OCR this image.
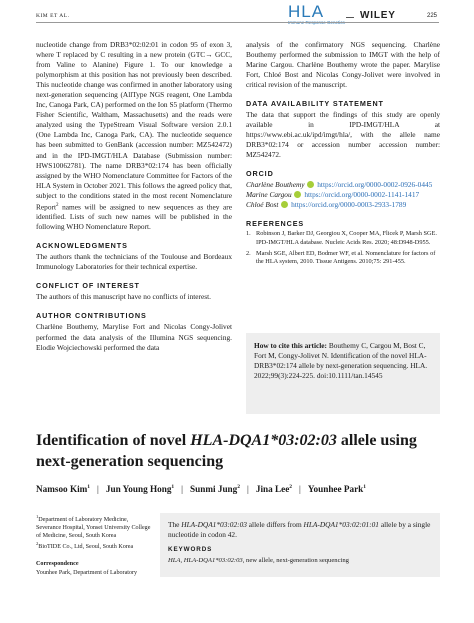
KIM ET AL.	HLA	WILEY	225

nucleotide change from DRB3*02:02:01 in codon 95 of exon 3, where T replaced by C resulting in a new protein (GTC→ GCC, from Valine to Alanine) Figure 1. To our knowledge a polymorphism at this position has not previously been described. This nucleotide change was confirmed in another laboratory using next-generation sequencing (AllType NGS reagent, One Lambda Inc, Canoga Park, CA) performed on the Ion S5 platform (Thermo Fisher Scientific, Waltham, Massachusetts) and the reads were analyzed using the TypeStream Visual Software version 2.0.1 (One Lambda Inc, Canoga Park, CA). The nucleotide sequence has been submitted to GenBank (accession number: MZ542472) and in the IPD-IMGT/HLA Database (Submission number: HWS10062781). The name DRB3*02:174 has been officially assigned by the WHO Nomenclature Committee for Factors of the HLA System in October 2021. This follows the agreed policy that, subject to the conditions stated in the most recent Nomenclature Report$^2$ names will be assigned to new sequences as they are identified. Lists of such new names will be published in the following WHO Nomenclature Report.

ACKNOWLEDGMENTS

The authors thank the technicians of the Toulouse and Bordeaux Immunology Laboratories for their technical expertise.

CONFLICT OF INTEREST

The authors of this manuscript have no conflicts of interest.

AUTHOR CONTRIBUTIONS

Charlène Bouthemy, Marylise Fort and Nicolas Congy-Jolivet performed the data analysis of the Illumina NGS sequencing. Elodie Wojciechowski performed the data

analysis of the confirmatory NGS sequencing. Charlène Bouthemy performed the submission to IMGT with the help of Marine Cargou. Charlène Bouthemy wrote the paper. Marylise Fort, Chloé Bost and Nicolas Congy-Jolivet were involved in critical revision of the manuscript.

DATA AVAILABILITY STATEMENT

The data that support the findings of this study are openly available in IPD-IMGT/HLA at https://www.ebi.ac.uk/ipd/imgt/hla/, with the allele name DRB3*02:174 or accession number accession number: MZ542472.

ORCID
Charlène Bouthemy https://orcid.org/0000-0002-0926-0445
Marine Cargou https://orcid.org/0000-0002-1141-1417
Chloé Bost https://orcid.org/0000-0003-2933-1789
REFERENCES
1. Robinson J, Barker DJ, Georgiou X, Cooper MA, Flicek P, Marsh SGE. IPD-IMGT/HLA database. Nucleic Acids Res. 2020; 48:D948-D955.
2. Marsh SGE, Albert ED, Bodmer WF, et al. Nomenclature for factors of the HLA system, 2010. Tissue Antigens. 2010;75: 291-455.
How to cite this article: Bouthemy C, Cargou M, Bost C, Fort M, Congy-Jolivet N. Identification of the novel HLA-DRB3*02:174 allele by next-generation sequencing. HLA. 2022;99(3):224-225. doi:10.1111/tan.14545
Identification of novel HLA-DQA1*03:02:03 allele using next-generation sequencing
Namsoo Kim$^1$ | Jun Young Hong$^1$ | Sunmi Jung$^2$ | Jina Lee$^2$ | Younhee Park$^1$
$^1$Department of Laboratory Medicine, Severance Hospital, Yonsei University College of Medicine, Seoul, South Korea
$^2$BioTIDE Co., Ltd, Seoul, South Korea
Correspondence
Younhee Park, Department of Laboratory
The HLA-DQA1*03:02:03 allele differs from HLA-DQA1*03:02:01:01 allele by a single nucleotide in codon 42.
KEYWORDS
HLA, HLA-DQA1*03:02:03, new allele, next-generation sequencing
